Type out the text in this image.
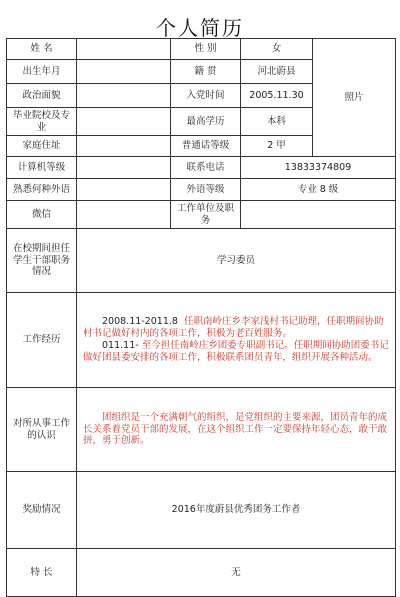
个人简历
姓 名		性 别	女	照片
出生年月		籍 贯	河北蔚县	
政治面貌		入党时间	2005.11.30	
毕业院校及专业		最高学历	本科	
家庭住址		普通话等级	2 甲	
计算机等级		联系电话	13833374809	
熟悉何种外语		外语等级	专业 8 级	
微信		工作单位及职务		
在校期间担任学生干部职务情况	学习委员			
工作经历	2008.11-2011.8 任职南岭庄乡李家浅村书记助理，任职期间协助村书记做好村内的各项工作，积极为老百姓服务。

011.11- 至今担任南岭庄乡团委专职副书记。任职期间协助团委书记做好团县委安排的各项工作，积极联系团员青年，组织开展各种活动。			

对所从事工作的认识	团组织是一个充满朝气的组织，是党组织的主要来源，团员青年的成长关系着党员干部的发展，在这个组织工作一定要保持年轻心态，敢干敢拼，勇于创新。			

奖励情况	2016年度蔚县优秀团务工作者			
特 长	无			
